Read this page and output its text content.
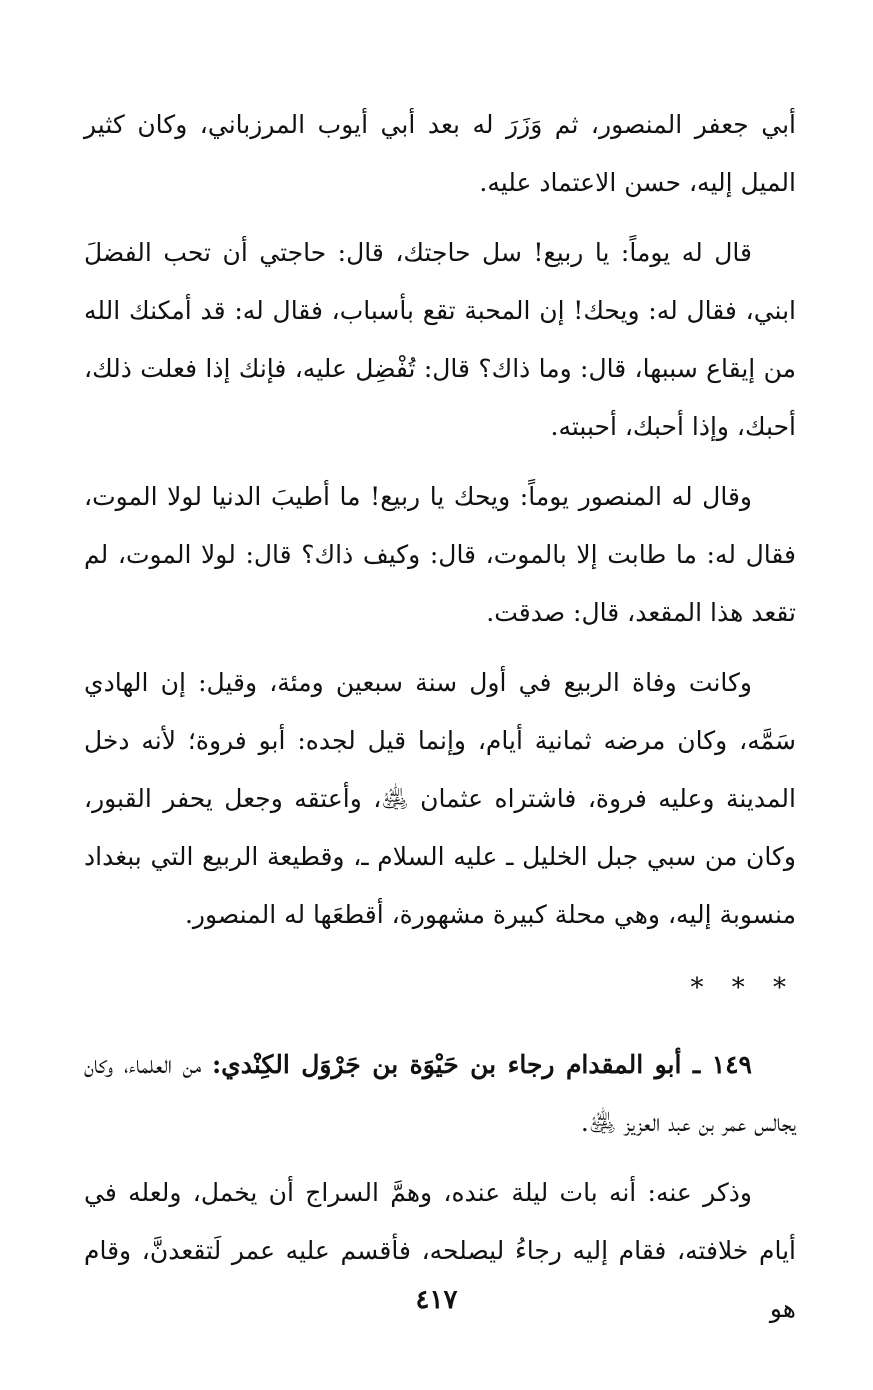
أبي جعفر المنصور، ثم وَزَرَ له بعد أبي أيوب المرزباني، وكان كثير الميل إليه، حسن الاعتماد عليه.

قال له يوماً: يا ربيع! سل حاجتك، قال: حاجتي أن تحب الفضلَ ابني، فقال له: ويحك! إن المحبة تقع بأسباب، فقال له: قد أمكنك الله من إيقاع سببها، قال: وما ذاك؟ قال: تُفْضِل عليه، فإنك إذا فعلت ذلك، أحبك، وإذا أحبك، أحببته.

وقال له المنصور يوماً: ويحك يا ربيع! ما أطيبَ الدنيا لولا الموت، فقال له: ما طابت إلا بالموت، قال: وكيف ذاك؟ قال: لولا الموت، لم تقعد هذا المقعد، قال: صدقت.

وكانت وفاة الربيع في أول سنة سبعين ومئة، وقيل: إن الهادي سَمَّه، وكان مرضه ثمانية أيام، وإنما قيل لجده: أبو فروة؛ لأنه دخل المدينة وعليه فروة، فاشتراه عثمان ﵁، وأعتقه وجعل يحفر القبور، وكان من سبي جبل الخليل ـ عليه السلام ـ، وقطيعة الربيع التي ببغداد منسوبة إليه، وهي محلة كبيرة مشهورة، أقطعَها له المنصور.

* * *

١٤٩ ـ أبو المقدام رجاء بن حَيْوَة بن جَرْوَل الكِنْدي: من العلماء، وكان يجالس عمر بن عبد العزيز ﵁.

وذكر عنه: أنه بات ليلة عنده، وهمَّ السراج أن يخمل، ولعله في أيام خلافته، فقام إليه رجاءُ ليصلحه، فأقسم عليه عمر لَتقعدنَّ، وقام هو

٤١٧
